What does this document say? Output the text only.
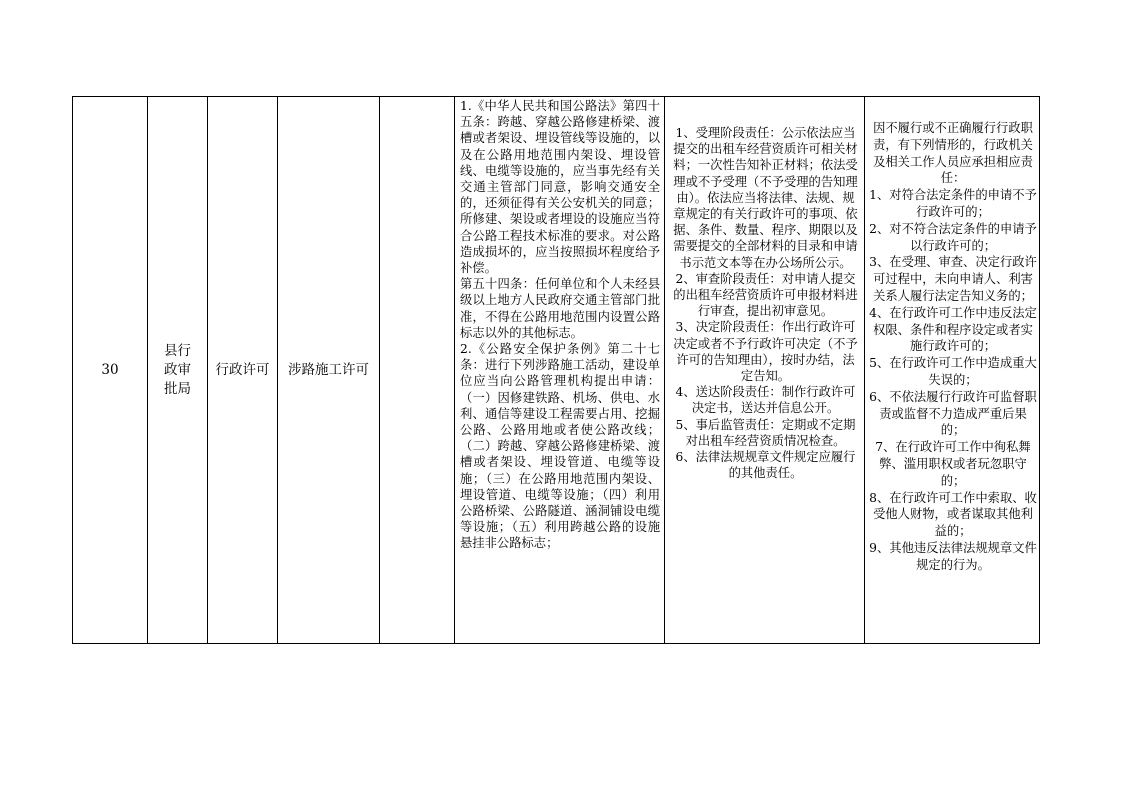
30
县行政审批局
行政许可 涉路施工许可

1.《中华人民共和国公路法》第四十五条：跨越、穿越公路修建桥梁、渡槽或者架设、埋设管线等设施的，以及在公路用地范围内架设、埋设管线、电缆等设施的，应当事先经有关交通主管部门同意，影响交通安全的，还须征得有关公安机关的同意；所修建、架设或者埋设的设施应当符合公路工程技术标准的要求。对公路造成损坏的，应当按照损坏程度给予补偿。

第五十四条：任何单位和个人未经县级以上地方人民政府交通主管部门批准，不得在公路用地范围内设置公路标志以外的其他标志。

2.《公路安全保护条例》第二十七条：进行下列涉路施工活动，建设单位应当向公路管理机构提出申请：（一）因修建铁路、机场、供电、水利、通信等建设工程需要占用、挖掘公路、公路用地或者使公路改线；（二）跨越、穿越公路修建桥梁、渡槽或者架设、埋设管道、电缆等设施；（三）在公路用地范围内架设、埋设管道、电缆等设施；（四）利用公路桥梁、公路隧道、涵洞铺设电缆等设施；（五）利用跨越公路的设施悬挂非公路标志；

1、受理阶段责任：公示依法应当提交的出租车经营资质许可相关材料；一次性告知补正材料；依法受理或不予受理（不予受理的告知理由）。依法应当将法律、法规、规章规定的有关行政许可的事项、依据、条件、数量、程序、期限以及需要提交的全部材料的目录和申请书示范文本等在办公场所公示。

2、审查阶段责任：对申请人提交的出租车经营资质许可申报材料进行审查，提出初审意见。

3、决定阶段责任：作出行政许可决定或者不予行政许可决定（不予许可的告知理由），按时办结，法定告知。

4、送达阶段责任：制作行政许可决定书，送达并信息公开。

5、事后监管责任：定期或不定期对出租车经营资质情况检查。

6、法律法规规章文件规定应履行的其他责任。

因不履行或不正确履行行政职责，有下列情形的，行政机关及相关工作人员应承担相应责任：

1、对符合法定条件的申请不予行政许可的；

2、对不符合法定条件的申请予以行政许可的；

3、在受理、审查、决定行政许可过程中，未向申请人、利害关系人履行法定告知义务的；

4、在行政许可工作中违反法定权限、条件和程序设定或者实施行政许可的；

5、在行政许可工作中造成重大失误的；

6、不依法履行行政许可监督职责或监督不力造成严重后果的；

7、在行政许可工作中徇私舞弊、滥用职权或者玩忽职守的；

8、在行政许可工作中索取、收受他人财物，或者谋取其他利益的；

9、其他违反法律法规规章文件规定的行为。
